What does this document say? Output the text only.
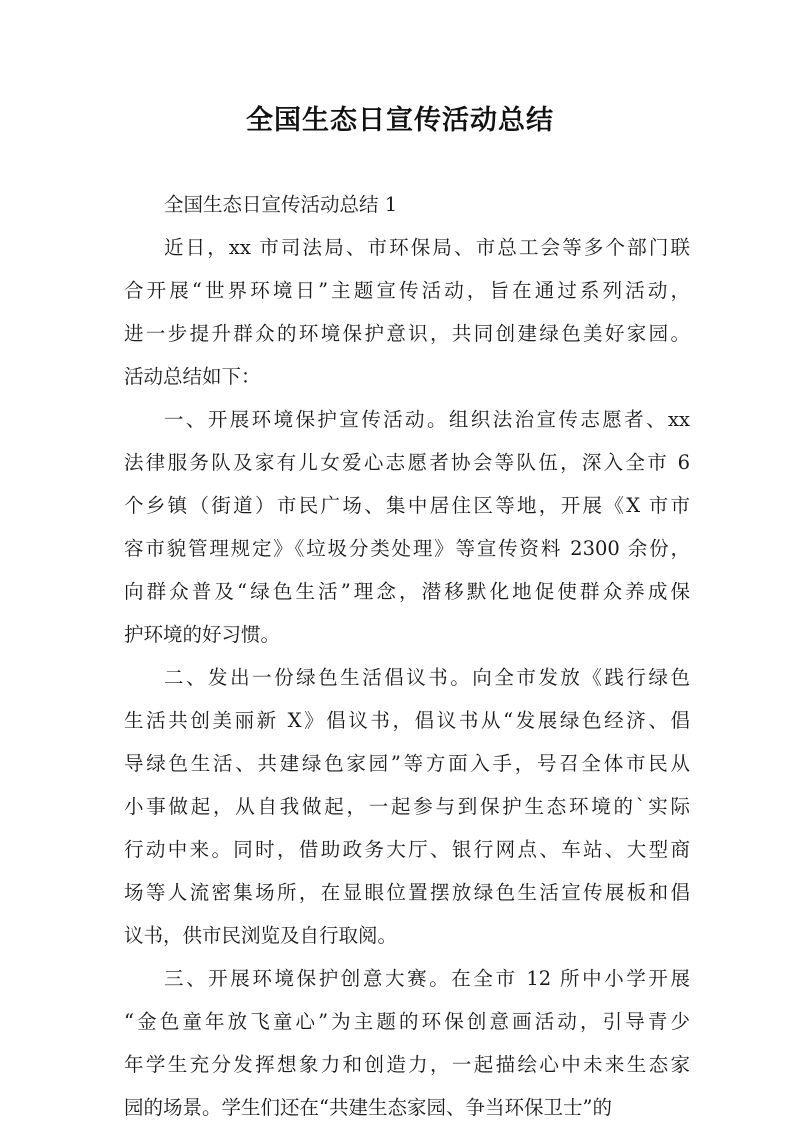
全国生态日宣传活动总结
全国生态日宣传活动总结 1
近日，xx 市司法局、市环保局、市总工会等多个部门联
合开展“世界环境日”主题宣传活动，旨在通过系列活动，
进一步提升群众的环境保护意识，共同创建绿色美好家园。
活动总结如下：
一、开展环境保护宣传活动。组织法治宣传志愿者、xx
法律服务队及家有儿女爱心志愿者协会等队伍，深入全市 6
个乡镇（街道）市民广场、集中居住区等地，开展《X 市市
容市貌管理规定》《垃圾分类处理》等宣传资料 2300 余份，
向群众普及“绿色生活”理念，潜移默化地促使群众养成保
护环境的好习惯。
二、发出一份绿色生活倡议书。向全市发放《践行绿色
生活共创美丽新 X》倡议书，倡议书从“发展绿色经济、倡
导绿色生活、共建绿色家园”等方面入手，号召全体市民从
小事做起，从自我做起，一起参与到保护生态环境的`实际
行动中来。同时，借助政务大厅、银行网点、车站、大型商
场等人流密集场所，在显眼位置摆放绿色生活宣传展板和倡
议书，供市民浏览及自行取阅。
三、开展环境保护创意大赛。在全市 12 所中小学开展
“金色童年放飞童心”为主题的环保创意画活动，引导青少
年学生充分发挥想象力和创造力，一起描绘心中未来生态家
园的场景。学生们还在“共建生态家园、争当环保卫士”的
